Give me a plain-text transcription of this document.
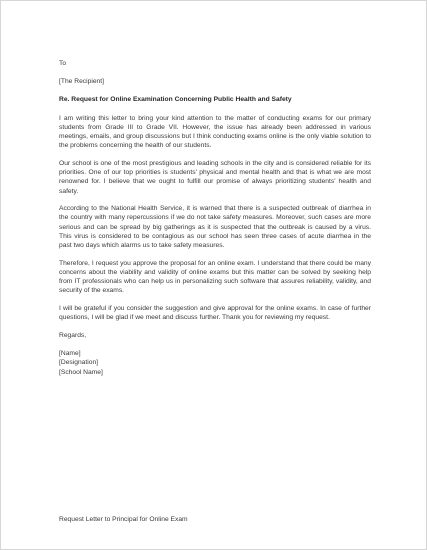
To

[The Recipient]

Re. Request for Online Examination Concerning Public Health and Safety

I am writing this letter to bring your kind attention to the matter of conducting exams for our primary students from Grade III to Grade VII. However, the issue has already been addressed in various meetings, emails, and group discussions but I think conducting exams online is the only viable solution to the problems concerning the health of our students.

Our school is one of the most prestigious and leading schools in the city and is considered reliable for its priorities. One of our top priorities is students' physical and mental health and that is what we are most renowned for. I believe that we ought to fulfill our promise of always prioritizing students' health and safety.

According to the National Health Service, it is warned that there is a suspected outbreak of diarrhea in the country with many repercussions if we do not take safety measures. Moreover, such cases are more serious and can be spread by big gatherings as it is suspected that the outbreak is caused by a virus. This virus is considered to be contagious as our school has seen three cases of acute diarrhea in the past two days which alarms us to take safety measures.

Therefore, I request you approve the proposal for an online exam. I understand that there could be many concerns about the viability and validity of online exams but this matter can be solved by seeking help from IT professionals who can help us in personalizing such software that assures reliability, validity, and security of the exams.

I will be grateful if you consider the suggestion and give approval for the online exams. In case of further questions, I will be glad if we meet and discuss further. Thank you for reviewing my request.

Regards,

[Name]

[Designation]

[School Name]

Request Letter to Principal for Online Exam
